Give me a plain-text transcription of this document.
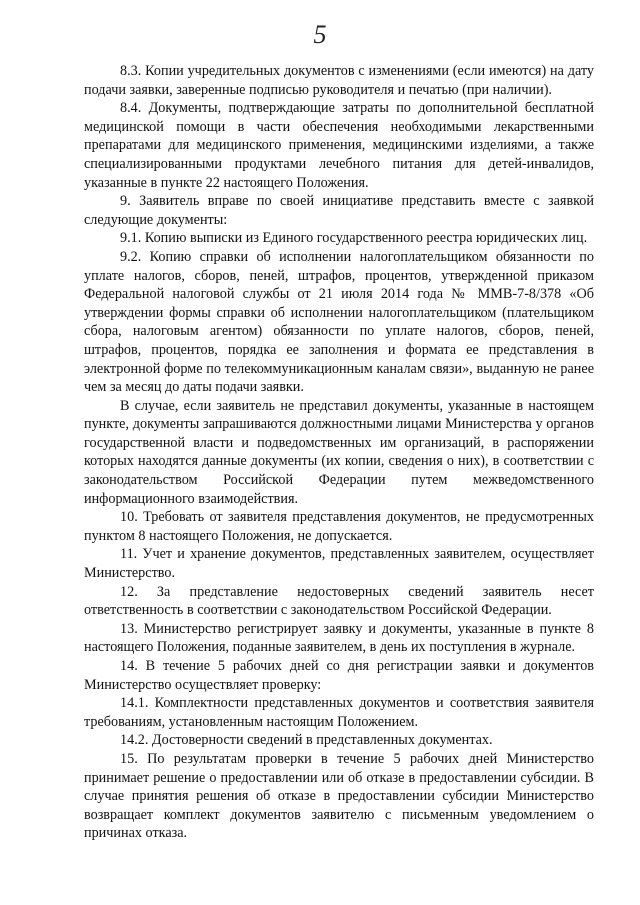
5

8.3. Копии учредительных документов с изменениями (если имеются) на дату подачи заявки, заверенные подписью руководителя и печатью (при наличии).

8.4. Документы, подтверждающие затраты по дополнительной бесплатной медицинской помощи в части обеспечения необходимыми лекарственными препаратами для медицинского применения, медицинскими изделиями, а также специализированными продуктами лечебного питания для детей-инвалидов, указанные в пункте 22 настоящего Положения.

9. Заявитель вправе по своей инициативе представить вместе с заявкой следующие документы:

9.1. Копию выписки из Единого государственного реестра юридических лиц.

9.2. Копию справки об исполнении налогоплательщиком обязанности по уплате налогов, сборов, пеней, штрафов, процентов, утвержденной приказом Федеральной налоговой службы от 21 июля 2014 года № ММВ-7-8/378 «Об утверждении формы справки об исполнении налогоплательщиком (плательщиком сбора, налоговым агентом) обязанности по уплате налогов, сборов, пеней, штрафов, процентов, порядка ее заполнения и формата ее представления в электронной форме по телекоммуникационным каналам связи», выданную не ранее чем за месяц до даты подачи заявки.

В случае, если заявитель не представил документы, указанные в настоящем пункте, документы запрашиваются должностными лицами Министерства у органов государственной власти и подведомственных им организаций, в распоряжении которых находятся данные документы (их копии, сведения о них), в соответствии с законодательством Российской Федерации путем межведомственного информационного взаимодействия.

10. Требовать от заявителя представления документов, не предусмотренных пунктом 8 настоящего Положения, не допускается.

11. Учет и хранение документов, представленных заявителем, осуществляет Министерство.

12. За представление недостоверных сведений заявитель несет ответственность в соответствии с законодательством Российской Федерации.

13. Министерство регистрирует заявку и документы, указанные в пункте 8 настоящего Положения, поданные заявителем, в день их поступления в журнале.

14. В течение 5 рабочих дней со дня регистрации заявки и документов Министерство осуществляет проверку:

14.1. Комплектности представленных документов и соответствия заявителя требованиям, установленным настоящим Положением.

14.2. Достоверности сведений в представленных документах.

15. По результатам проверки в течение 5 рабочих дней Министерство принимает решение о предоставлении или об отказе в предоставлении субсидии. В случае принятия решения об отказе в предоставлении субсидии Министерство возвращает комплект документов заявителю с письменным уведомлением о причинах отказа.
